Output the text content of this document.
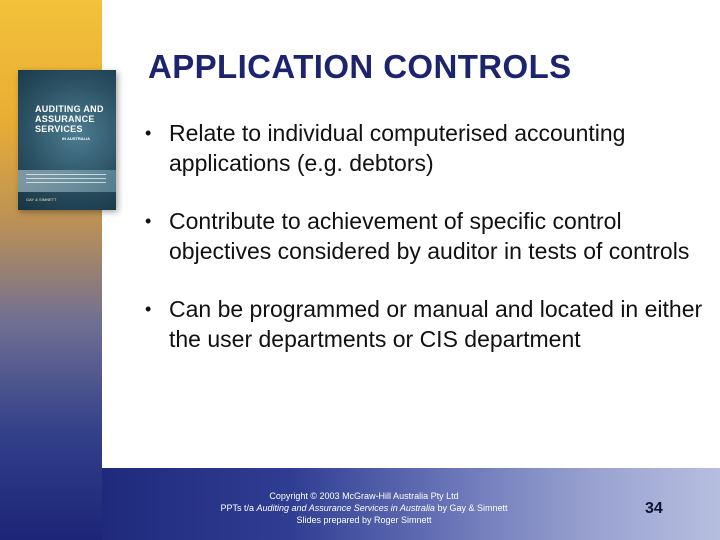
AUDITING AND
ASSURANCE
SERVICES
IN AUSTRALIA
GAY & SIMNETT
APPLICATION CONTROLS
• Relate to individual computerised accounting applications (e.g. debtors)
• Contribute to achievement of specific control objectives considered by auditor in tests of controls
• Can be programmed or manual and located in either the user departments or CIS department
Copyright © 2003 McGraw-Hill Australia Pty Ltd
PPTs t/a Auditing and Assurance Services in Australia by Gay & Simnett
Slides prepared by Roger Simnett
34
